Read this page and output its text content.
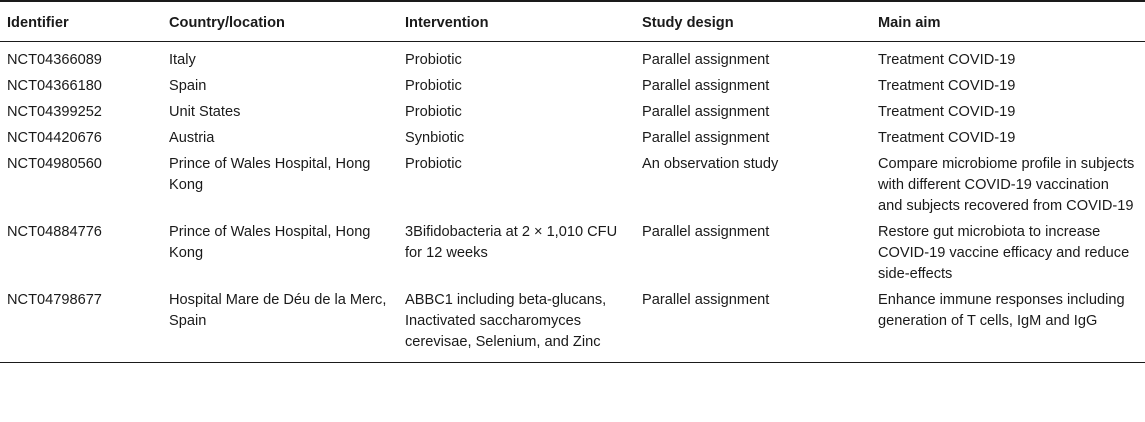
Identifier	Country/location	Intervention	Study design	Main aim
NCT04366089	Italy	Probiotic	Parallel assignment	Treatment COVID-19
NCT04366180	Spain	Probiotic	Parallel assignment	Treatment COVID-19
NCT04399252	Unit States	Probiotic	Parallel assignment	Treatment COVID-19
NCT04420676	Austria	Synbiotic	Parallel assignment	Treatment COVID-19
NCT04980560	Prince of Wales Hospital, Hong Kong	Probiotic	An observation study	Compare microbiome profile in subjects with different COVID-19 vaccination and subjects recovered from COVID-19
NCT04884776	Prince of Wales Hospital, Hong Kong	3Bifidobacteria at 2 × 1,010 CFU for 12 weeks	Parallel assignment	Restore gut microbiota to increase COVID-19 vaccine efficacy and reduce side-effects
NCT04798677	Hospital Mare de Déu de la Merc, Spain	ABBC1 including beta-glucans, Inactivated saccharomyces cerevisae, Selenium, and Zinc	Parallel assignment	Enhance immune responses including generation of T cells, IgM and IgG
